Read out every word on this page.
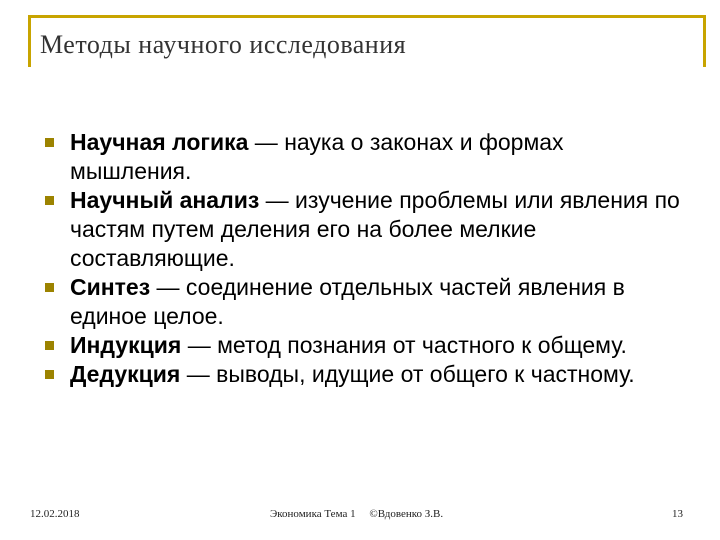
Методы научного исследования
Научная логика — наука о законах и формах мышления.
Научный анализ — изучение проблемы или явления по частям путем деления его на более мелкие составляющие.
Синтез — соединение отдельных частей явления в единое целое.
Индукция — метод познания от частного к общему.
Дедукция — выводы, идущие от общего к частному.
12.02.2018	Экономика Тема 1     ©Вдовенко З.В.	13
